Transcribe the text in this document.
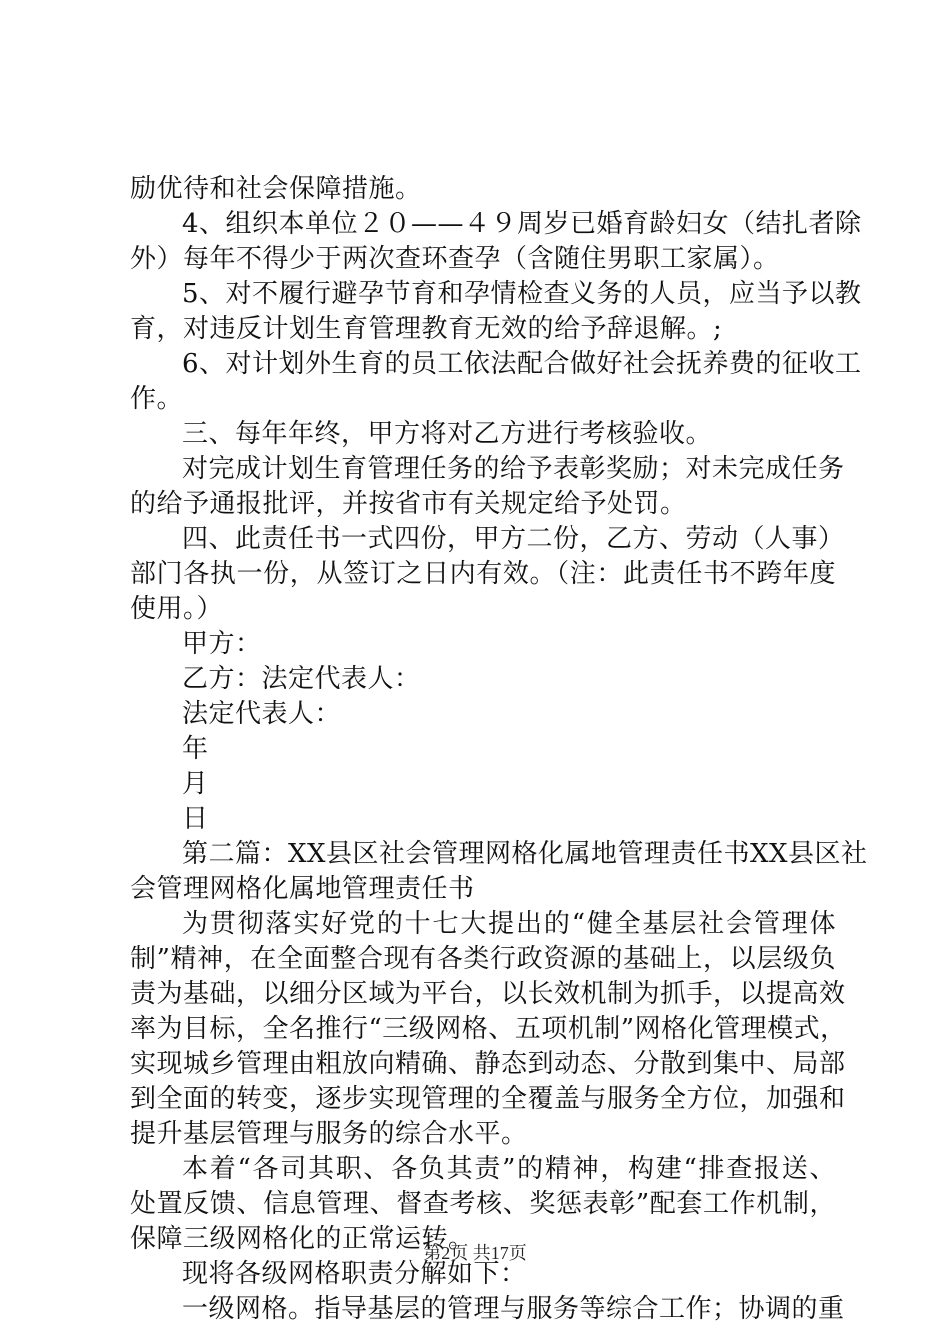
励优待和社会保障措施。
4、组织本单位２０——４９周岁已婚育龄妇女（结扎者除
外）每年不得少于两次查环查孕（含随住男职工家属）。
5、对不履行避孕节育和孕情检查义务的人员，应当予以教
育，对违反计划生育管理教育无效的给予辞退解。;
6、对计划外生育的员工依法配合做好社会抚养费的征收工
作。
三、每年年终，甲方将对乙方进行考核验收。
对完成计划生育管理任务的给予表彰奖励；对未完成任务
的给予通报批评，并按省市有关规定给予处罚。
四、此责任书一式四份，甲方二份，乙方、劳动（人事）
部门各执一份，从签订之日内有效。（注：此责任书不跨年度
使用。）
甲方：
乙方：法定代表人：
法定代表人：
年
月
日
第二篇：XX县区社会管理网格化属地管理责任书XX县区社
会管理网格化属地管理责任书
为贯彻落实好党的十七大提出的“健全基层社会管理体
制”精神，在全面整合现有各类行政资源的基础上，以层级负
责为基础，以细分区域为平台，以长效机制为抓手，以提高效
率为目标，全名推行“三级网格、五项机制”网格化管理模式，
实现城乡管理由粗放向精确、静态到动态、分散到集中、局部
到全面的转变，逐步实现管理的全覆盖与服务全方位，加强和
提升基层管理与服务的综合水平。
本着“各司其职、各负其责”的精神，构建“排查报送、
处置反馈、信息管理、督查考核、奖惩表彰”配套工作机制，
保障三级网格化的正常运转。
现将各级网格职责分解如下：
一级网格。指导基层的管理与服务等综合工作；协调的重
第2页 共17页
